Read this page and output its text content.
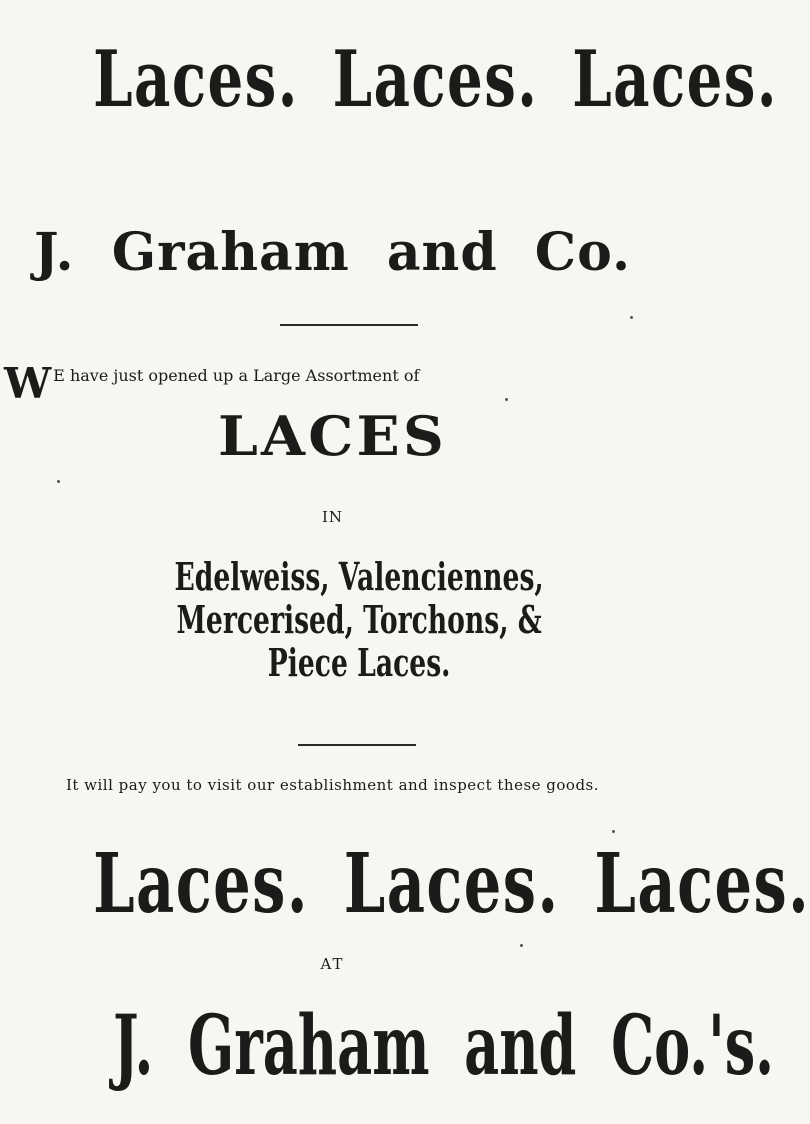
Laces. Laces. Laces.
J. Graham and Co.
W E have just opened up a Large Assortment of
LACES
IN
Edelweiss, Valenciennes,
Mercerised, Torchons, &
Piece Laces.
It will pay you to visit our establishment and inspect these goods.
Laces. Laces. Laces.
AT
J. Graham and Co.'s.
